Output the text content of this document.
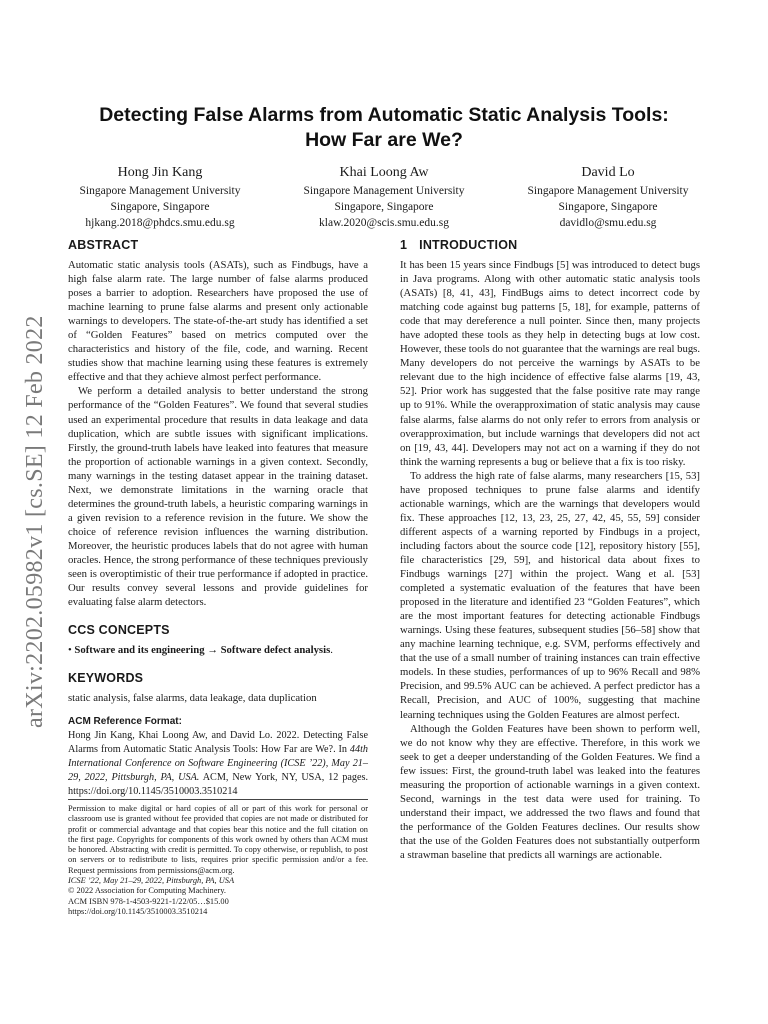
arXiv:2202.05982v1 [cs.SE] 12 Feb 2022
Detecting False Alarms from Automatic Static Analysis Tools:
How Far are We?
Hong Jin Kang
Singapore Management University
Singapore, Singapore
hjkang.2018@phdcs.smu.edu.sg
Khai Loong Aw
Singapore Management University
Singapore, Singapore
klaw.2020@scis.smu.edu.sg
David Lo
Singapore Management University
Singapore, Singapore
davidlo@smu.edu.sg
ABSTRACT

Automatic static analysis tools (ASATs), such as Findbugs, have a high false alarm rate. The large number of false alarms produced poses a barrier to adoption. Researchers have proposed the use of machine learning to prune false alarms and present only actionable warnings to developers. The state-of-the-art study has identified a set of “Golden Features” based on metrics computed over the characteristics and history of the file, code, and warning. Recent studies show that machine learning using these features is extremely effective and that they achieve almost perfect performance.

We perform a detailed analysis to better understand the strong performance of the “Golden Features”. We found that several studies used an experimental procedure that results in data leakage and data duplication, which are subtle issues with significant implications. Firstly, the ground-truth labels have leaked into features that measure the proportion of actionable warnings in a given context. Secondly, many warnings in the testing dataset appear in the training dataset. Next, we demonstrate limitations in the warning oracle that determines the ground-truth labels, a heuristic comparing warnings in a given revision to a reference revision in the future. We show the choice of reference revision influences the warning distribution. Moreover, the heuristic produces labels that do not agree with human oracles. Hence, the strong performance of these techniques previously seen is overoptimistic of their true performance if adopted in practice. Our results convey several lessons and provide guidelines for evaluating false alarm detectors.

CCS CONCEPTS

• Software and its engineering → Software defect analysis.

KEYWORDS

static analysis, false alarms, data leakage, data duplication

ACM Reference Format:

Hong Jin Kang, Khai Loong Aw, and David Lo. 2022. Detecting False Alarms from Automatic Static Analysis Tools: How Far are We?. In 44th International Conference on Software Engineering (ICSE ’22), May 21–29, 2022, Pittsburgh, PA, USA. ACM, New York, NY, USA, 12 pages. https://doi.org/10.1145/3510003.3510214

Permission to make digital or hard copies of all or part of this work for personal or classroom use is granted without fee provided that copies are not made or distributed for profit or commercial advantage and that copies bear this notice and the full citation on the first page. Copyrights for components of this work owned by others than ACM must be honored. Abstracting with credit is permitted. To copy otherwise, or republish, to post on servers or to redistribute to lists, requires prior specific permission and/or a fee. Request permissions from permissions@acm.org.

ICSE ’22, May 21–29, 2022, Pittsburgh, PA, USA

© 2022 Association for Computing Machinery.

ACM ISBN 978-1-4503-9221-1/22/05…$15.00

https://doi.org/10.1145/3510003.3510214

1 INTRODUCTION

It has been 15 years since Findbugs [5] was introduced to detect bugs in Java programs. Along with other automatic static analysis tools (ASATs) [8, 41, 43], FindBugs aims to detect incorrect code by matching code against bug patterns [5, 18], for example, patterns of code that may dereference a null pointer. Since then, many projects have adopted these tools as they help in detecting bugs at low cost. However, these tools do not guarantee that the warnings are real bugs. Many developers do not perceive the warnings by ASATs to be relevant due to the high incidence of effective false alarms [19, 43, 52]. Prior work has suggested that the false positive rate may range up to 91%. While the overapproximation of static analysis may cause false alarms, false alarms do not only refer to errors from analysis or overapproximation, but include warnings that developers did not act on [19, 43, 44]. Developers may not act on a warning if they do not think the warning represents a bug or believe that a fix is too risky.

To address the high rate of false alarms, many researchers [15, 53] have proposed techniques to prune false alarms and identify actionable warnings, which are the warnings that developers would fix. These approaches [12, 13, 23, 25, 27, 42, 45, 55, 59] consider different aspects of a warning reported by Findbugs in a project, including factors about the source code [12], repository history [55], file characteristics [29, 59], and historical data about fixes to Findbugs warnings [27] within the project. Wang et al. [53] completed a systematic evaluation of the features that have been proposed in the literature and identified 23 “Golden Features”, which are the most important features for detecting actionable Findbugs warnings. Using these features, subsequent studies [56–58] show that any machine learning technique, e.g. SVM, performs effectively and that the use of a small number of training instances can train effective models. In these studies, performances of up to 96% Recall and 98% Precision, and 99.5% AUC can be achieved. A perfect predictor has a Recall, Precision, and AUC of 100%, suggesting that machine learning techniques using the Golden Features are almost perfect.

Although the Golden Features have been shown to perform well, we do not know why they are effective. Therefore, in this work we seek to get a deeper understanding of the Golden Features. We find a few issues: First, the ground-truth label was leaked into the features measuring the proportion of actionable warnings in a given context. Second, warnings in the test data were used for training. To understand their impact, we addressed the two flaws and found that the performance of the Golden Features declines. Our results show that the use of the Golden Features does not substantially outperform a strawman baseline that predicts all warnings are actionable.
